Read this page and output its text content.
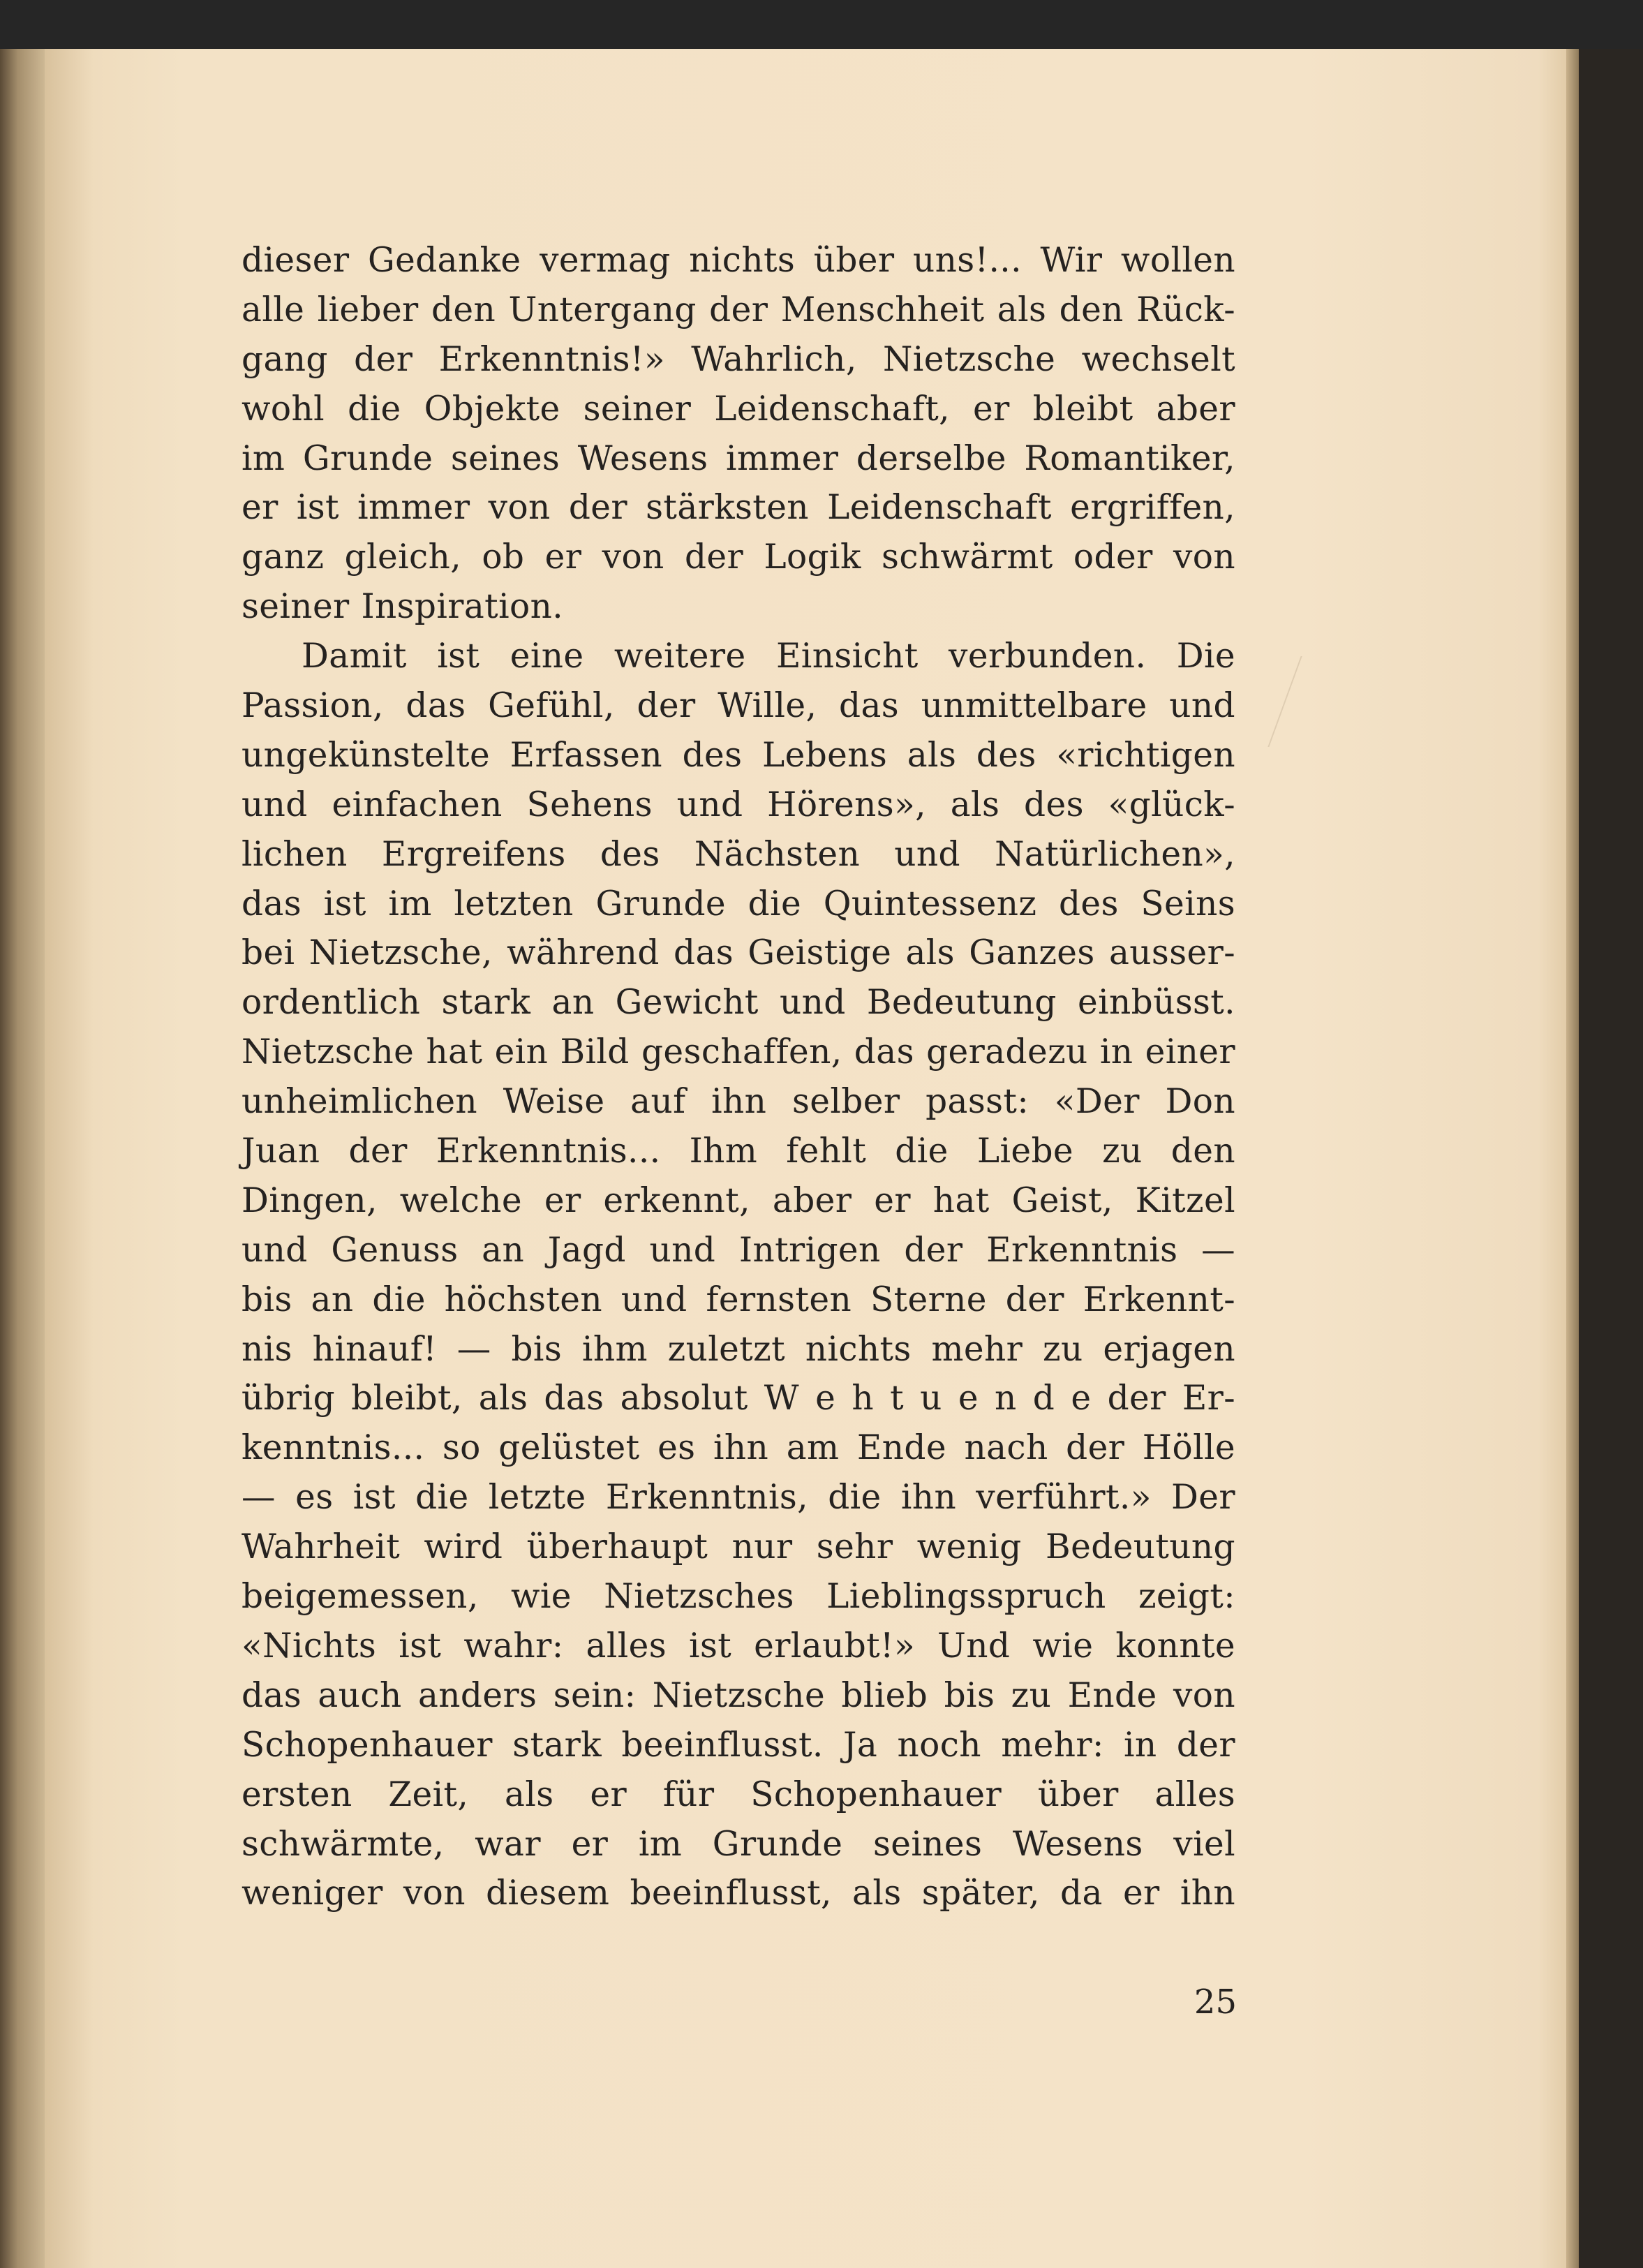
dieser Gedanke vermag nichts über uns!... Wir wollen
alle lieber den Untergang der Menschheit als den Rück-
gang der Erkenntnis!» Wahrlich, Nietzsche wechselt
wohl die Objekte seiner Leidenschaft, er bleibt aber
im Grunde seines Wesens immer derselbe Romantiker,
er ist immer von der stärksten Leidenschaft ergriffen,
ganz gleich, ob er von der Logik schwärmt oder von
seiner Inspiration.
Damit ist eine weitere Einsicht verbunden. Die
Passion, das Gefühl, der Wille, das unmittelbare und
ungekünstelte Erfassen des Lebens als des «richtigen
und einfachen Sehens und Hörens», als des «glück-
lichen Ergreifens des Nächsten und Natürlichen»,
das ist im letzten Grunde die Quintessenz des Seins
bei Nietzsche, während das Geistige als Ganzes ausser-
ordentlich stark an Gewicht und Bedeutung einbüsst.
Nietzsche hat ein Bild geschaffen, das geradezu in einer
unheimlichen Weise auf ihn selber passt: «Der Don
Juan der Erkenntnis... Ihm fehlt die Liebe zu den
Dingen, welche er erkennt, aber er hat Geist, Kitzel
und Genuss an Jagd und Intrigen der Erkenntnis —
bis an die höchsten und fernsten Sterne der Erkennt-
nis hinauf! — bis ihm zuletzt nichts mehr zu erjagen
übrig bleibt, als das absolut W e h t u e n d e der Er-
kenntnis... so gelüstet es ihn am Ende nach der Hölle
— es ist die letzte Erkenntnis, die ihn verführt.» Der
Wahrheit wird überhaupt nur sehr wenig Bedeutung
beigemessen, wie Nietzsches Lieblingsspruch zeigt:
«Nichts ist wahr: alles ist erlaubt!» Und wie konnte
das auch anders sein: Nietzsche blieb bis zu Ende von
Schopenhauer stark beeinflusst. Ja noch mehr: in der
ersten Zeit, als er für Schopenhauer über alles
schwärmte, war er im Grunde seines Wesens viel
weniger von diesem beeinflusst, als später, da er ihn
25
